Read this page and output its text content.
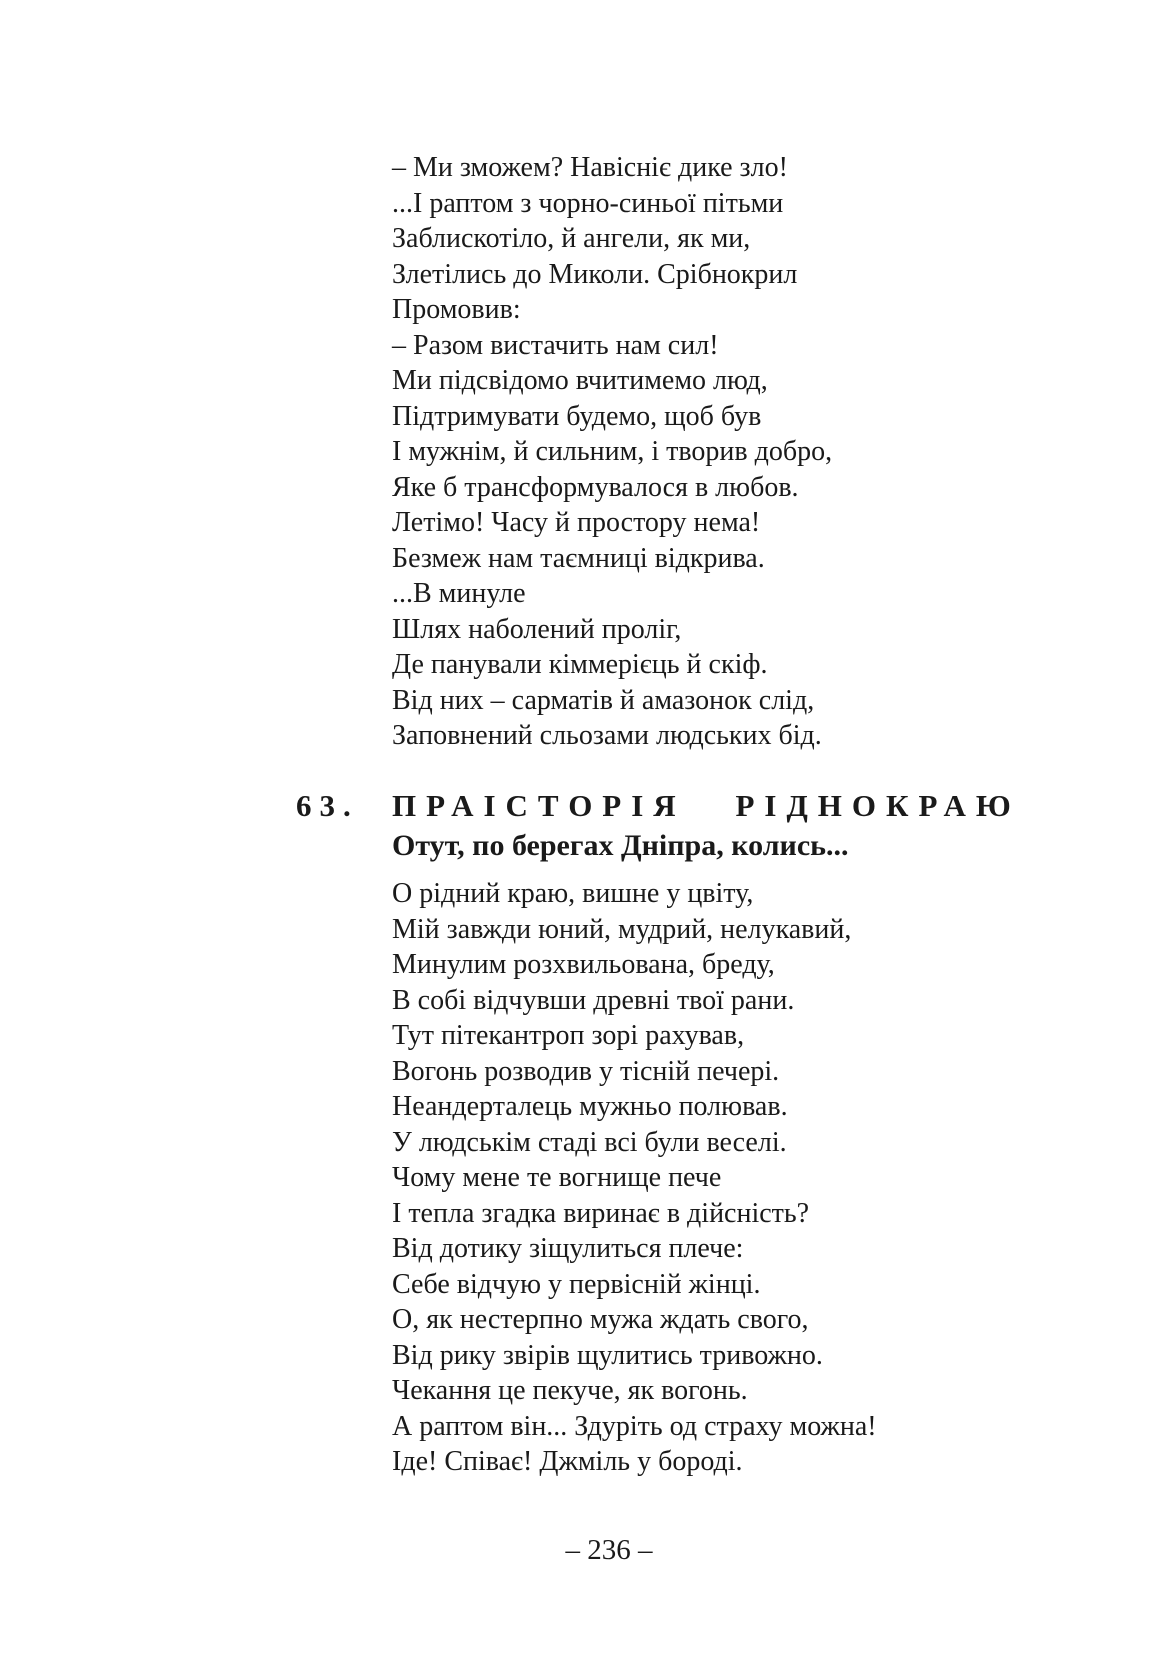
– Ми зможем? Навісніє дике зло!
...І раптом з чорно-синьої пітьми
Заблискотіло, й ангели, як ми,
Злетілись до Миколи. Срібнокрил
Промовив:
– Разом вистачить нам сил!
Ми підсвідомо вчитимемо люд,
Підтримувати будемо, щоб був
І мужнім, й сильним, і творив добро,
Яке б трансформувалося в любов.
Летімо! Часу й простору нема!
Безмеж нам таємниці відкрива.
...В минуле
Шлях наболений проліг,
Де панували кіммерієць й скіф.
Від них – сарматів й амазонок слід,
Заповнений сльозами людських бід.
63. ПРАІСТОРІЯ РІДНОКРАЮ
Отут, по берегах Дніпра, колись...
О рідний краю, вишне у цвіту,
Мій завжди юний, мудрий, нелукавий,
Минулим розхвильована, бреду,
В собі відчувши древні твої рани.
Тут пітекантроп зорі рахував,
Вогонь розводив у тісній печері.
Неандерталець мужньо полював.
У людськім стаді всі були веселі.
Чому мене те вогнище пече
І тепла згадка виринає в дійсність?
Від дотику зіщулиться плече:
Себе відчую у первісній жінці.
О, як нестерпно мужа ждать свого,
Від рику звірів щулитись тривожно.
Чекання це пекуче, як вогонь.
А раптом він... Здуріть од страху можна!
Іде! Співає! Джміль у бороді.
– 236 –
